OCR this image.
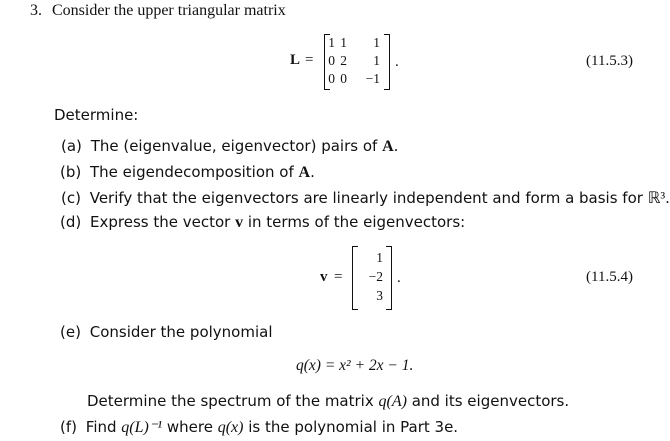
3. Consider the upper triangular matrix
L =
1 1	1
0 2	1
0 0	−1
.	(11.5.3)
Determine:
(a) The (eigenvalue, eigenvector) pairs of A.
(b) The eigendecomposition of A.
(c) Verify that the eigenvectors are linearly independent and form a basis for ℝ³.
(d) Express the vector v in terms of the eigenvectors:
v =
1
−2
3
.	(11.5.4)
(e) Consider the polynomial
q(x) = x² + 2x − 1.
Determine the spectrum of the matrix q(A) and its eigenvectors.
(f) Find q(L)⁻¹ where q(x) is the polynomial in Part 3e.
